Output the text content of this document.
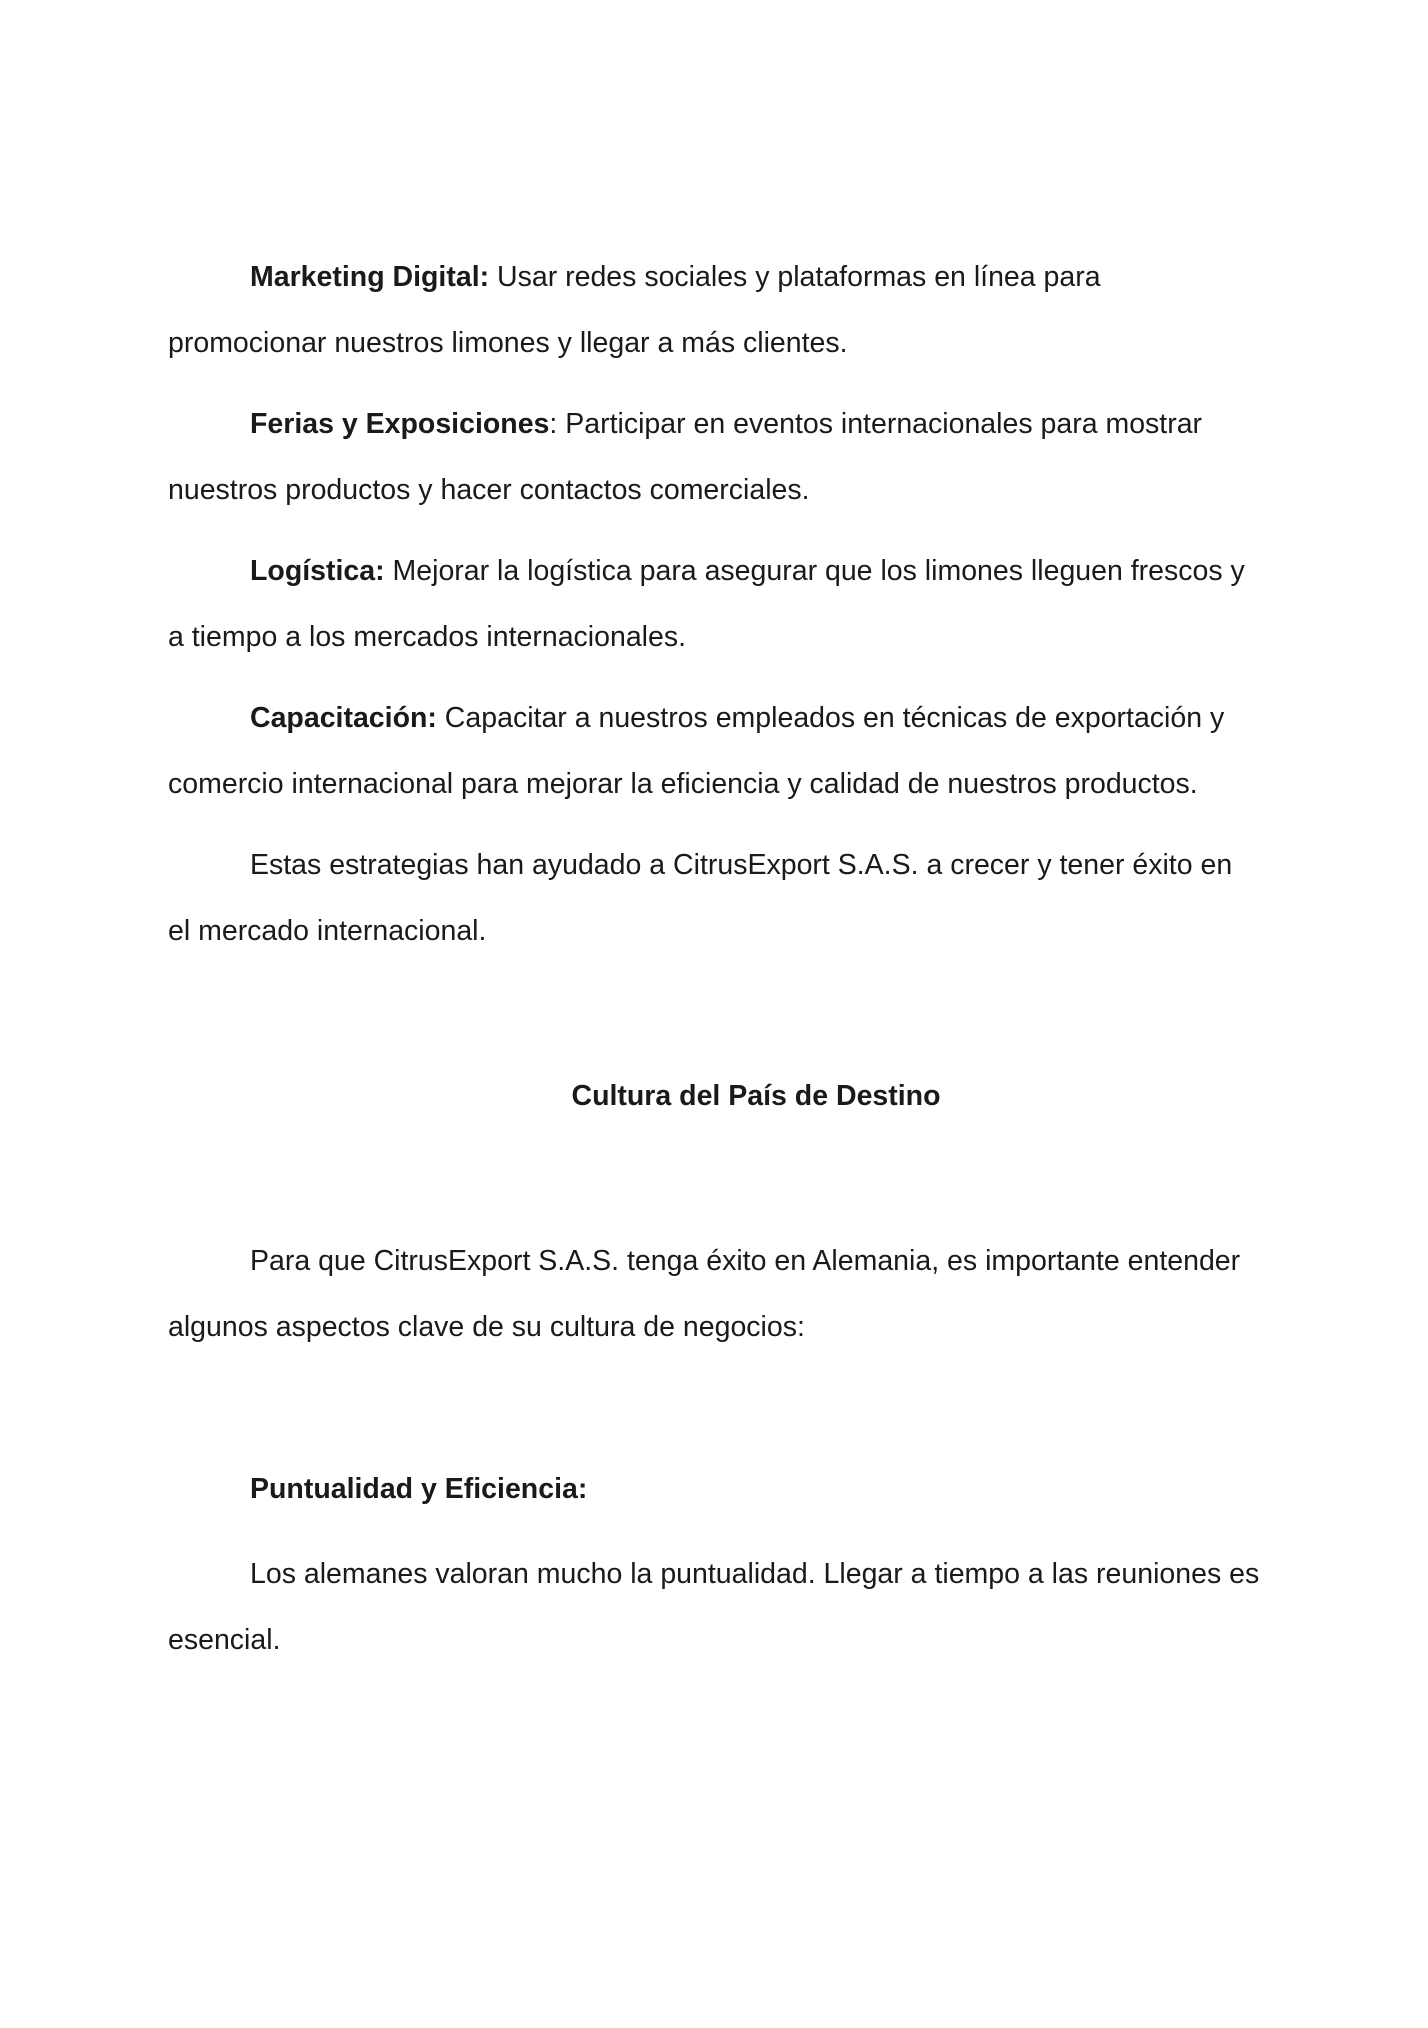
Marketing Digital: Usar redes sociales y plataformas en línea para promocionar nuestros limones y llegar a más clientes.

Ferias y Exposiciones: Participar en eventos internacionales para mostrar nuestros productos y hacer contactos comerciales.

Logística: Mejorar la logística para asegurar que los limones lleguen frescos y a tiempo a los mercados internacionales.

Capacitación: Capacitar a nuestros empleados en técnicas de exportación y comercio internacional para mejorar la eficiencia y calidad de nuestros productos.

Estas estrategias han ayudado a CitrusExport S.A.S. a crecer y tener éxito en el mercado internacional.

Cultura del País de Destino

Para que CitrusExport S.A.S. tenga éxito en Alemania, es importante entender algunos aspectos clave de su cultura de negocios:

Puntualidad y Eficiencia:

Los alemanes valoran mucho la puntualidad. Llegar a tiempo a las reuniones es esencial.
